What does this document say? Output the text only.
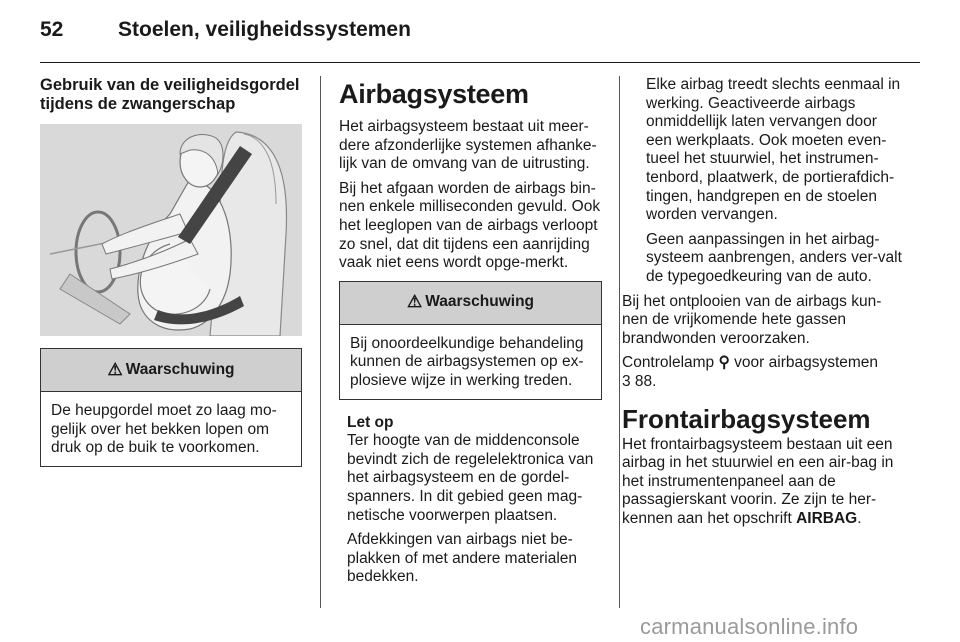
52	Stoelen, veiligheidssystemen
Gebruik van de veiligheidsgordel tijdens de zwangerschap
⚠ Waarschuwing
De heupgordel moet zo laag mo-gelijk over het bekken lopen om druk op de buik te voorkomen.
Airbagsysteem

Het airbagsysteem bestaat uit meer-dere afzonderlijke systemen afhanke-lijk van de omvang van de uitrusting.

Bij het afgaan worden de airbags bin-nen enkele milliseconden gevuld. Ook het leeglopen van de airbags verloopt zo snel, dat dit tijdens een aanrijding vaak niet eens wordt opge-merkt.

⚠ Waarschuwing
Bij onoordeelkundige behandeling kunnen de airbagsystemen op ex-plosieve wijze in werking treden.
Let op

Ter hoogte van de middenconsole bevindt zich de regelelektronica van het airbagsysteem en de gordel-spanners. In dit gebied geen mag-netische voorwerpen plaatsen.

Afdekkingen van airbags niet be-plakken of met andere materialen bedekken.

Elke airbag treedt slechts eenmaal in werking. Geactiveerde airbags onmiddellijk laten vervangen door een werkplaats. Ook moeten even-tueel het stuurwiel, het instrumen-tenbord, plaatwerk, de portierafdich-tingen, handgrepen en de stoelen worden vervangen.

Geen aanpassingen in het airbag-systeem aanbrengen, anders ver-valt de typegoedkeuring van de auto.

Bij het ontplooien van de airbags kun-nen de vrijkomende hete gassen brandwonden veroorzaken.

Controlelamp ⚲ voor airbagsystemen
3 88.

Frontairbagsysteem

Het frontairbagsysteem bestaan uit een airbag in het stuurwiel en een air-bag in het instrumentenpaneel aan de passagierskant voorin. Ze zijn te her-kennen aan het opschrift AIRBAG.

carmanualsonline.info
